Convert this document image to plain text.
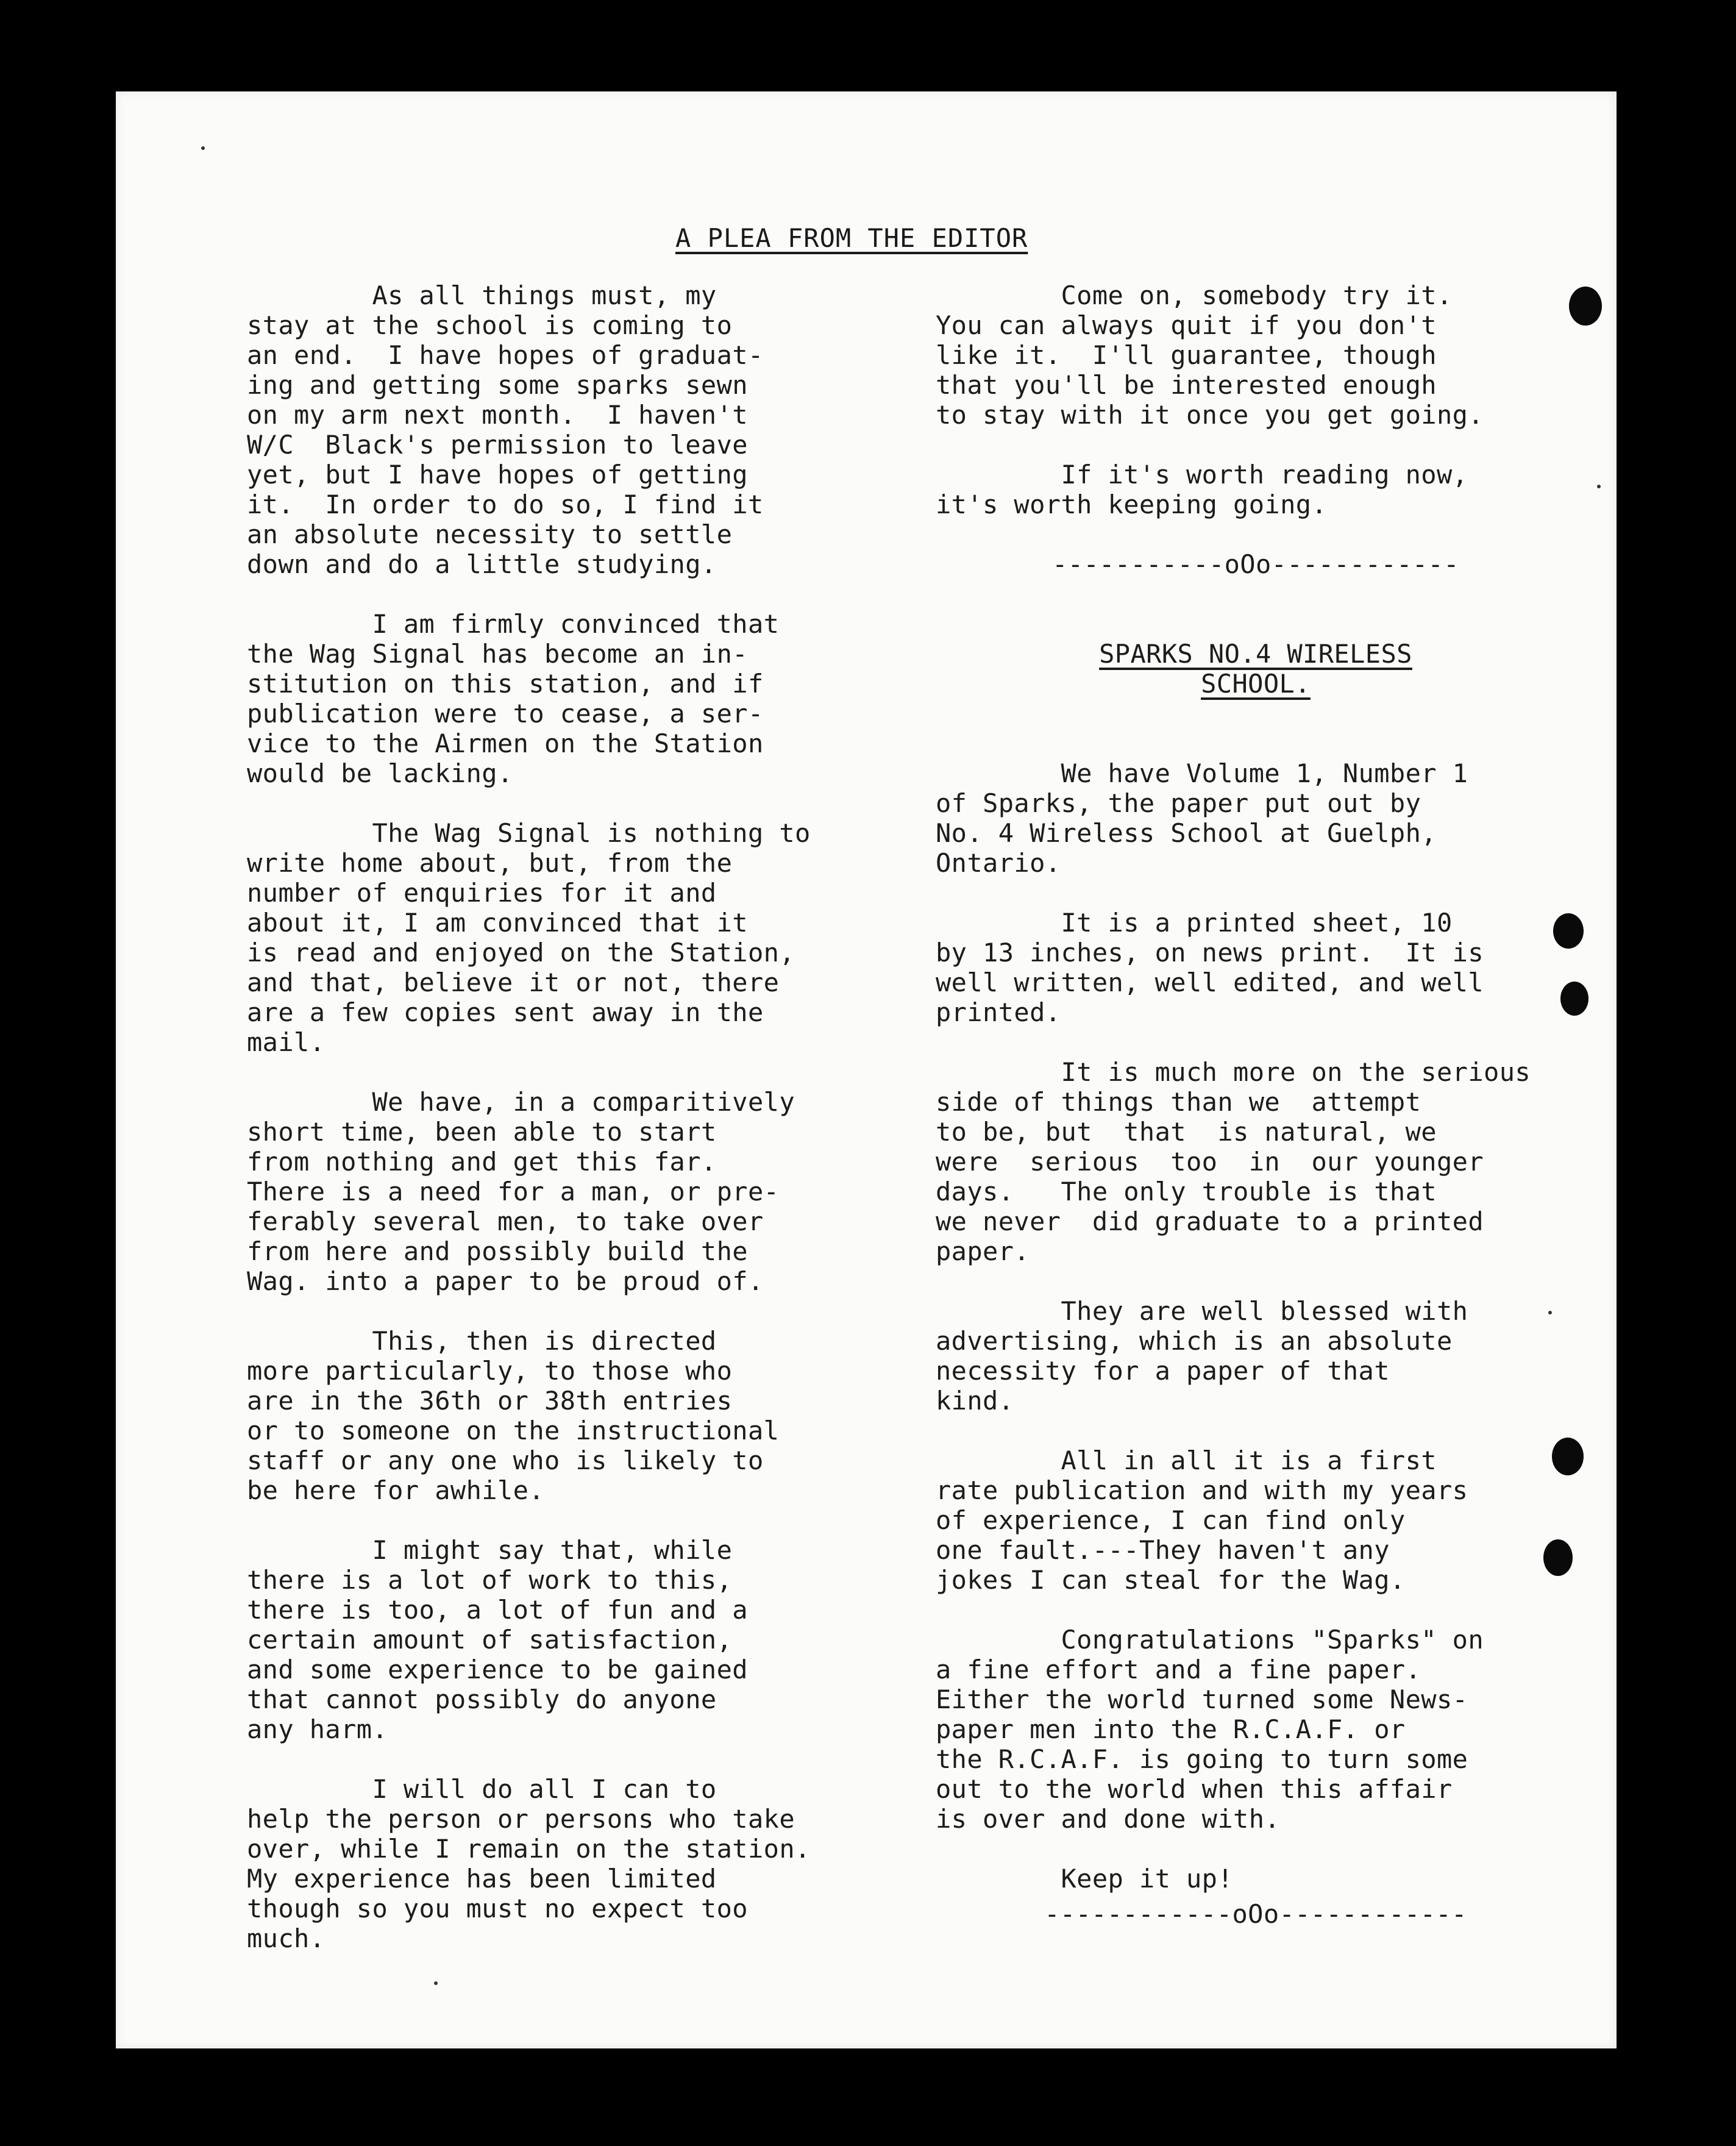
A PLEA FROM THE EDITOR
As all things must, my
stay at the school is coming to
an end.  I have hopes of graduat-
ing and getting some sparks sewn
on my arm next month.  I haven't
W/C  Black's permission to leave
yet, but I have hopes of getting
it.  In order to do so, I find it
an absolute necessity to settle
down and do a little studying.
I am firmly convinced that
the Wag Signal has become an in-
stitution on this station, and if
publication were to cease, a ser-
vice to the Airmen on the Station
would be lacking.
The Wag Signal is nothing to
write home about, but, from the
number of enquiries for it and
about it, I am convinced that it
is read and enjoyed on the Station,
and that, believe it or not, there
are a few copies sent away in the
mail.
We have, in a comparitively
short time, been able to start
from nothing and get this far.
There is a need for a man, or pre-
ferably several men, to take over
from here and possibly build the
Wag. into a paper to be proud of.
This, then is directed
more particularly, to those who
are in the 36th or 38th entries
or to someone on the instructional
staff or any one who is likely to
be here for awhile.
I might say that, while
there is a lot of work to this,
there is too, a lot of fun and a
certain amount of satisfaction,
and some experience to be gained
that cannot possibly do anyone
any harm.
I will do all I can to
help the person or persons who take
over, while I remain on the station.
My experience has been limited
though so you must no expect too
much.
Come on, somebody try it.
You can always quit if you don't
like it.  I'll guarantee, though
that you'll be interested enough
to stay with it once you get going.
If it's worth reading now,
it's worth keeping going.
-----------oOo------------
SPARKS NO.4 WIRELESS
SCHOOL.
We have Volume 1, Number 1
of Sparks, the paper put out by
No. 4 Wireless School at Guelph,
Ontario.
It is a printed sheet, 10
by 13 inches, on news print.  It is
well written, well edited, and well
printed.
It is much more on the serious
side of things than we  attempt
to be, but  that  is natural, we
were  serious  too  in  our younger
days.   The only trouble is that
we never  did graduate to a printed
paper.
They are well blessed with
advertising, which is an absolute
necessity for a paper of that
kind.
All in all it is a first
rate publication and with my years
of experience, I can find only
one fault.---They haven't any
jokes I can steal for the Wag.
Congratulations "Sparks" on
a fine effort and a fine paper.
Either the world turned some News-
paper men into the R.C.A.F. or
the R.C.A.F. is going to turn some
out to the world when this affair
is over and done with.
Keep it up!
------------oOo------------
